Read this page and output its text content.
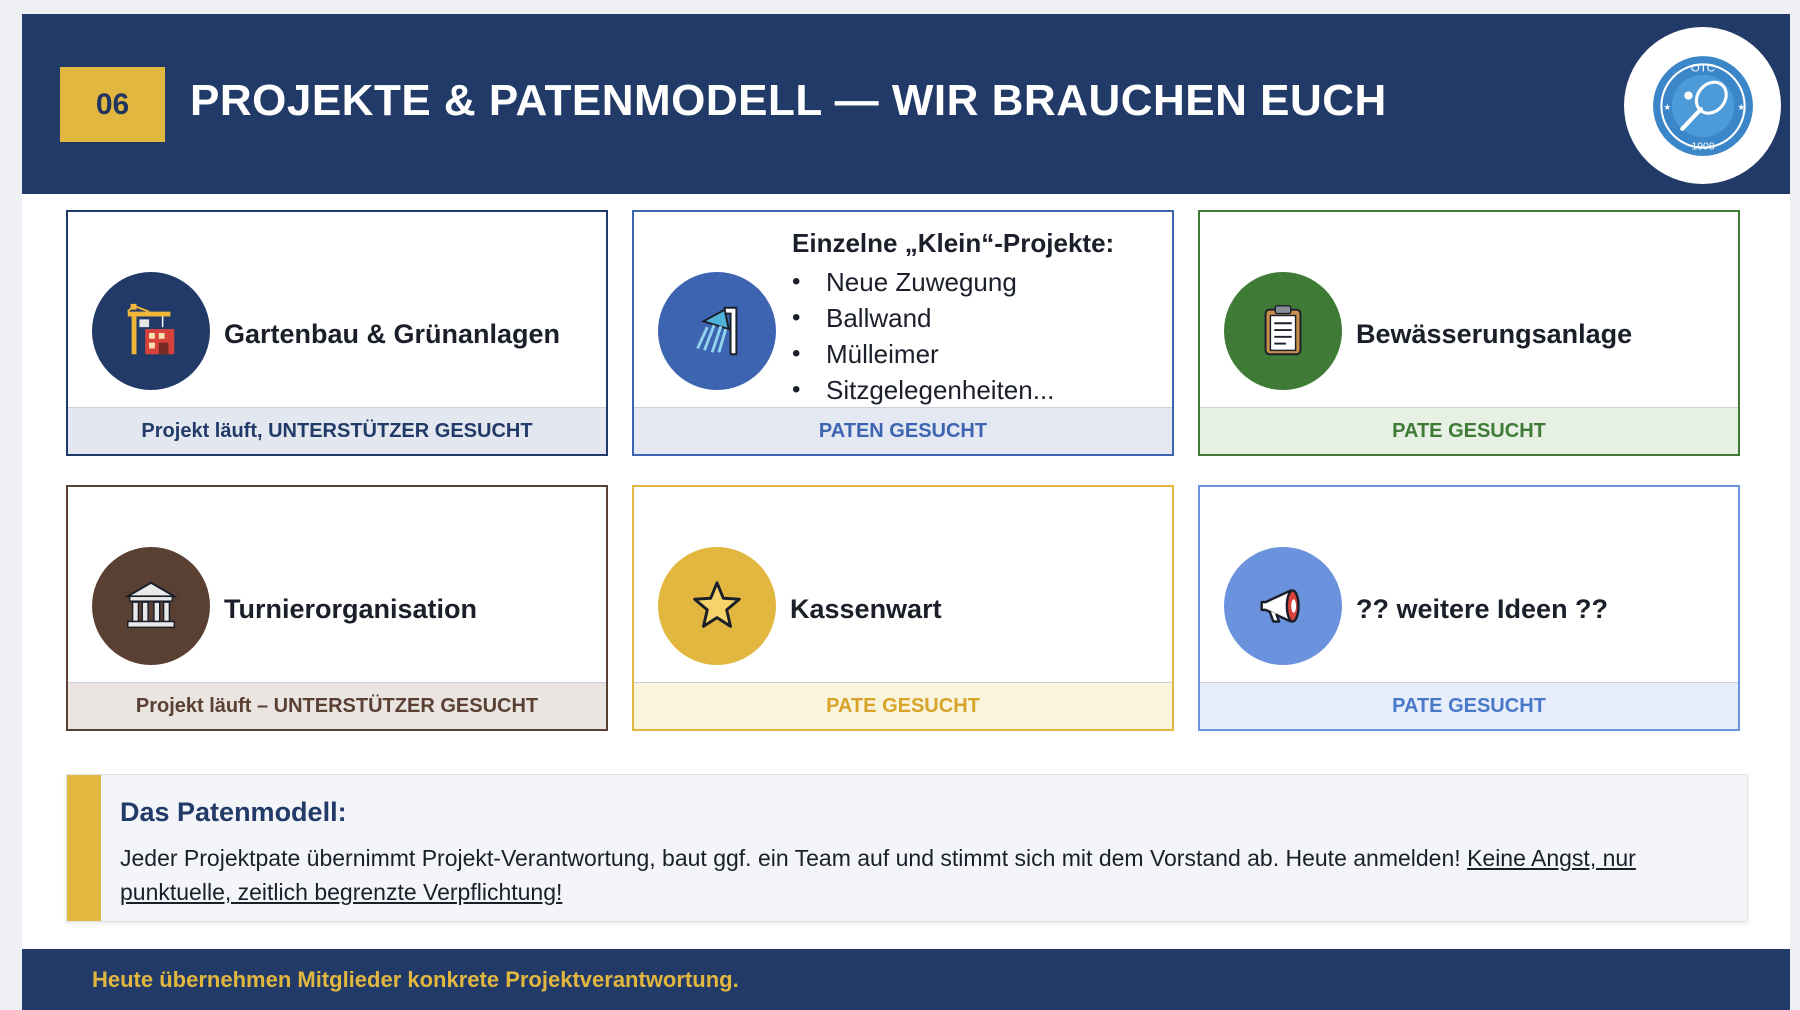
06	PROJEKTE & PATENMODELL — WIR BRAUCHEN EUCH
OTC
1908
★	★
Gartenbau & Grünanlagen
Projekt läuft, UNTERSTÜTZER GESUCHT
Einzelne „Klein“-Projekte:
• Neue Zuwegung
• Ballwand
• Mülleimer
• Sitzgelegenheiten...
PATEN GESUCHT
Bewässerungsanlage
PATE GESUCHT
Turnierorganisation
Projekt läuft – UNTERSTÜTZER GESUCHT
Kassenwart
PATE GESUCHT
?? weitere Ideen ??
PATE GESUCHT
Das Patenmodell:
Jeder Projektpate übernimmt Projekt-Verantwortung, baut ggf. ein Team auf und stimmt sich mit dem Vorstand ab. Heute anmelden! Keine Angst, nur punktuelle, zeitlich begrenzte Verpflichtung!
Heute übernehmen Mitglieder konkrete Projektverantwortung.
